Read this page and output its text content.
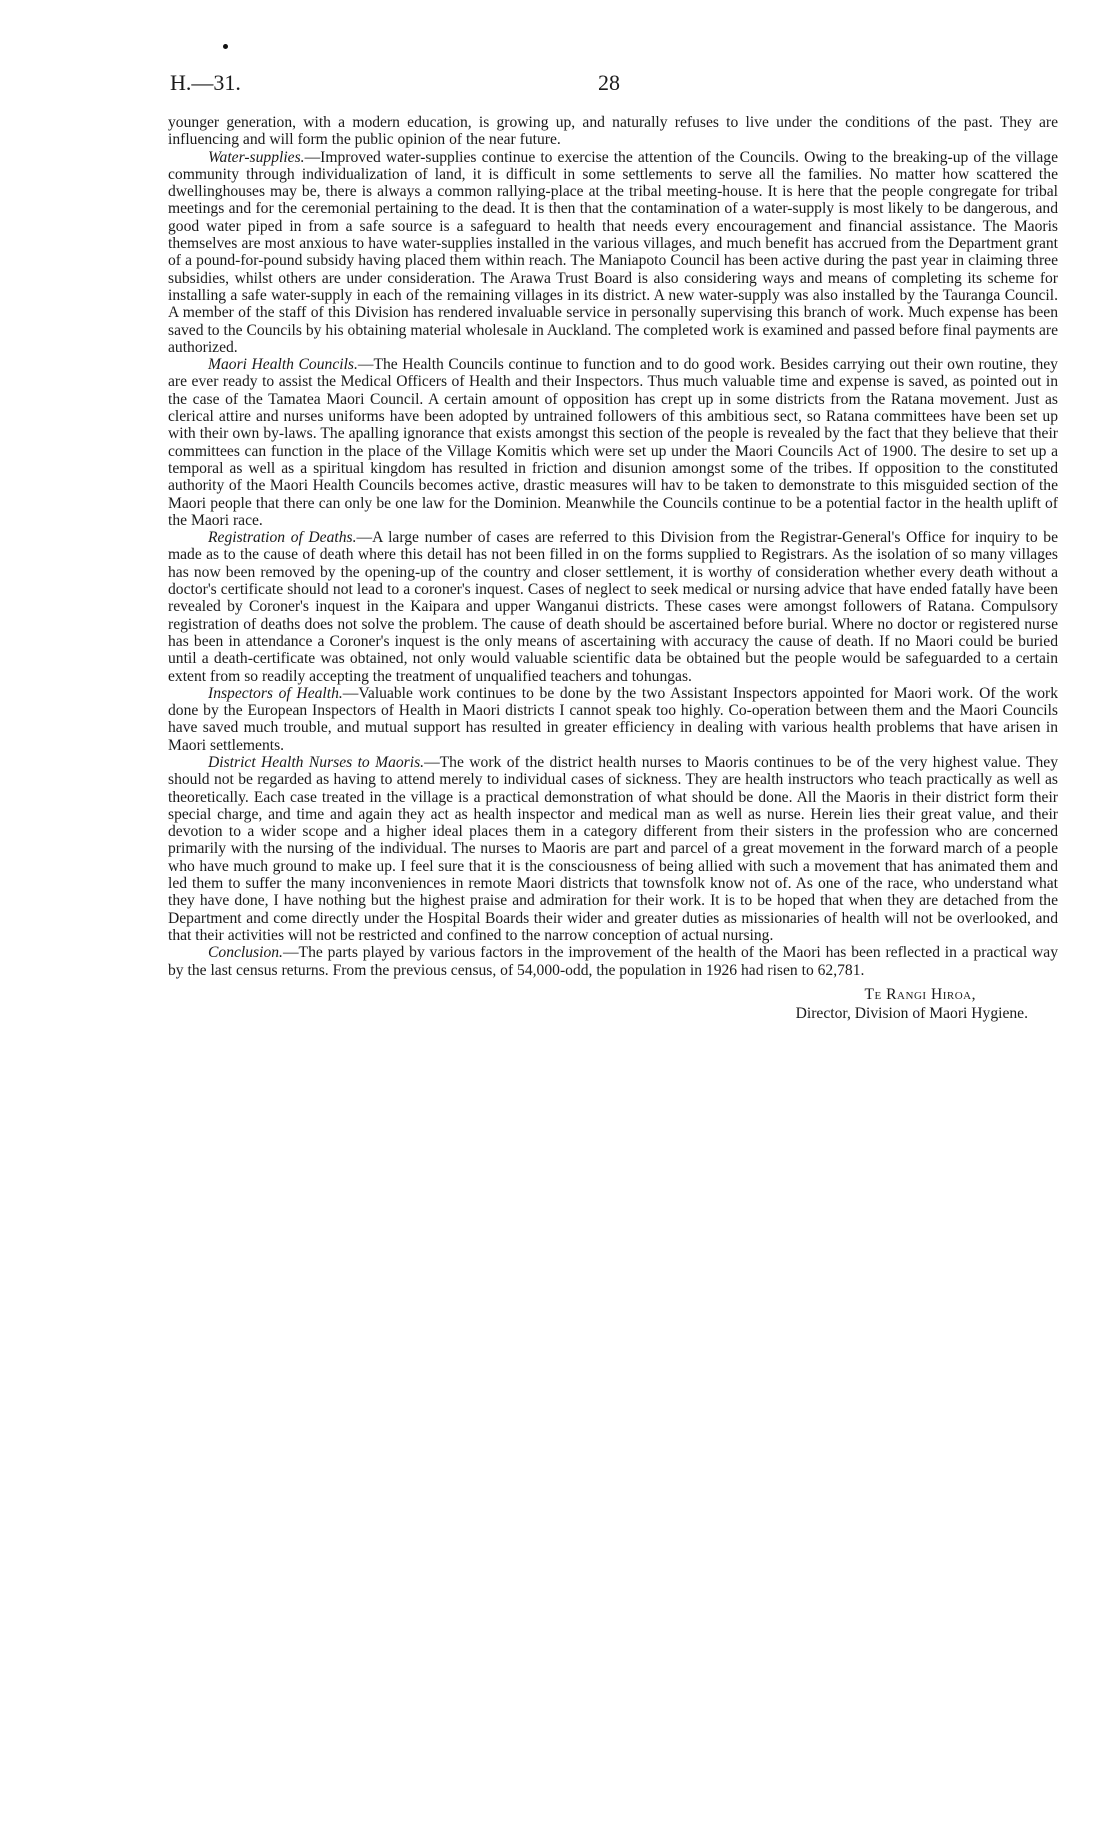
H.—31.	28

younger generation, with a modern education, is growing up, and naturally refuses to live under the conditions of the past. They are influencing and will form the public opinion of the near future.

Water-supplies.—Improved water-supplies continue to exercise the attention of the Councils. Owing to the breaking-up of the village community through individualization of land, it is difficult in some settlements to serve all the families. No matter how scattered the dwellinghouses may be, there is always a common rallying-place at the tribal meeting-house. It is here that the people congregate for tribal meetings and for the ceremonial pertaining to the dead. It is then that the contamination of a water-supply is most likely to be dangerous, and good water piped in from a safe source is a safeguard to health that needs every encouragement and financial assistance. The Maoris themselves are most anxious to have water-supplies installed in the various villages, and much benefit has accrued from the Department grant of a pound-for-pound subsidy having placed them within reach. The Maniapoto Council has been active during the past year in claiming three subsidies, whilst others are under consideration. The Arawa Trust Board is also considering ways and means of completing its scheme for installing a safe water-supply in each of the remaining villages in its district. A new water-supply was also installed by the Tauranga Council. A member of the staff of this Division has rendered invaluable service in personally supervising this branch of work. Much expense has been saved to the Councils by his obtaining material wholesale in Auckland. The completed work is examined and passed before final payments are authorized.

Maori Health Councils.—The Health Councils continue to function and to do good work. Besides carrying out their own routine, they are ever ready to assist the Medical Officers of Health and their Inspectors. Thus much valuable time and expense is saved, as pointed out in the case of the Tamatea Maori Council. A certain amount of opposition has crept up in some districts from the Ratana movement. Just as clerical attire and nurses uniforms have been adopted by untrained followers of this ambitious sect, so Ratana committees have been set up with their own by-laws. The apalling ignorance that exists amongst this section of the people is revealed by the fact that they believe that their committees can function in the place of the Village Komitis which were set up under the Maori Councils Act of 1900. The desire to set up a temporal as well as a spiritual kingdom has resulted in friction and disunion amongst some of the tribes. If opposition to the constituted authority of the Maori Health Councils becomes active, drastic measures will hav to be taken to demonstrate to this misguided section of the Maori people that there can only be one law for the Dominion. Meanwhile the Councils continue to be a potential factor in the health uplift of the Maori race.

Registration of Deaths.—A large number of cases are referred to this Division from the Registrar-General's Office for inquiry to be made as to the cause of death where this detail has not been filled in on the forms supplied to Registrars. As the isolation of so many villages has now been removed by the opening-up of the country and closer settlement, it is worthy of consideration whether every death without a doctor's certificate should not lead to a coroner's inquest. Cases of neglect to seek medical or nursing advice that have ended fatally have been revealed by Coroner's inquest in the Kaipara and upper Wanganui districts. These cases were amongst followers of Ratana. Compulsory registration of deaths does not solve the problem. The cause of death should be ascertained before burial. Where no doctor or registered nurse has been in attendance a Coroner's inquest is the only means of ascertaining with accuracy the cause of death. If no Maori could be buried until a death-certificate was obtained, not only would valuable scientific data be obtained but the people would be safeguarded to a certain extent from so readily accepting the treatment of unqualified teachers and tohungas.

Inspectors of Health.—Valuable work continues to be done by the two Assistant Inspectors appointed for Maori work. Of the work done by the European Inspectors of Health in Maori districts I cannot speak too highly. Co-operation between them and the Maori Councils have saved much trouble, and mutual support has resulted in greater efficiency in dealing with various health problems that have arisen in Maori settlements.

District Health Nurses to Maoris.—The work of the district health nurses to Maoris continues to be of the very highest value. They should not be regarded as having to attend merely to individual cases of sickness. They are health instructors who teach practically as well as theoretically. Each case treated in the village is a practical demonstration of what should be done. All the Maoris in their district form their special charge, and time and again they act as health inspector and medical man as well as nurse. Herein lies their great value, and their devotion to a wider scope and a higher ideal places them in a category different from their sisters in the profession who are concerned primarily with the nursing of the individual. The nurses to Maoris are part and parcel of a great movement in the forward march of a people who have much ground to make up. I feel sure that it is the consciousness of being allied with such a movement that has animated them and led them to suffer the many inconveniences in remote Maori districts that townsfolk know not of. As one of the race, who understand what they have done, I have nothing but the highest praise and admiration for their work. It is to be hoped that when they are detached from the Department and come directly under the Hospital Boards their wider and greater duties as missionaries of health will not be overlooked, and that their activities will not be restricted and confined to the narrow conception of actual nursing.

Conclusion.—The parts played by various factors in the improvement of the health of the Maori has been reflected in a practical way by the last census returns. From the previous census, of 54,000-odd, the population in 1926 had risen to 62,781.

Te Rangi Hiroa,
Director, Division of Maori Hygiene.
